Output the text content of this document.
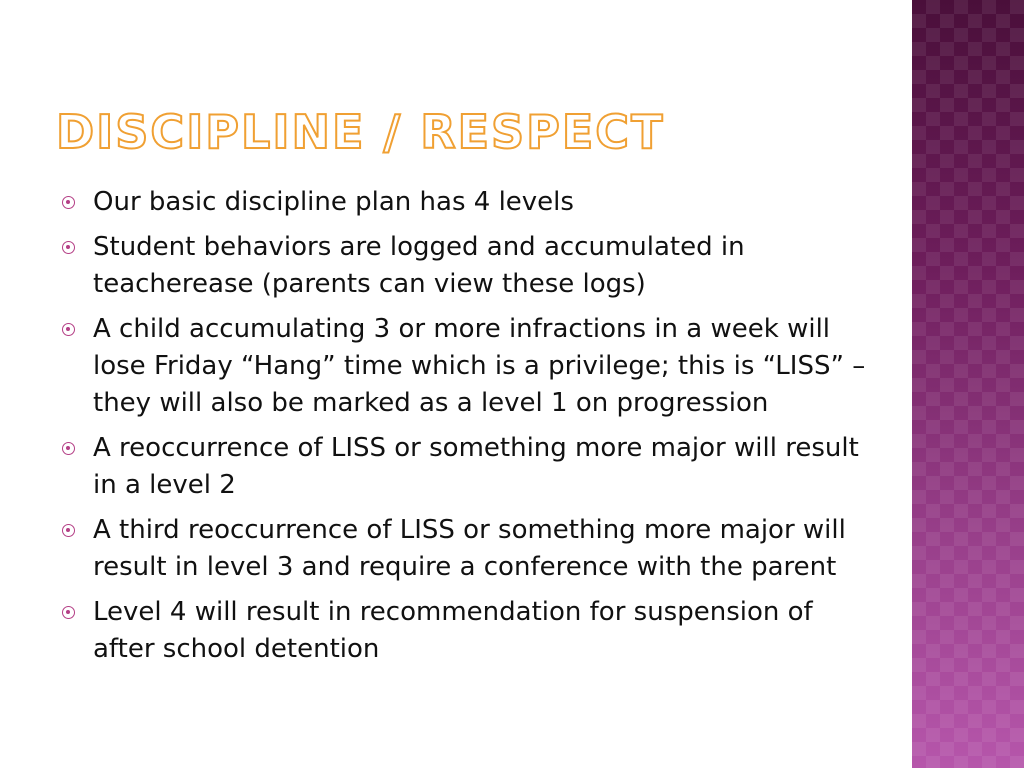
DISCIPLINE / RESPECT
Our basic discipline plan has 4 levels
Student behaviors are logged and accumulated in teacherease (parents can view these logs)
A child accumulating 3 or more infractions in a week will lose Friday “Hang” time which is a privilege; this is “LISS” – they will also be marked as a level 1 on progression
A reoccurrence of LISS or something more major will result in a level 2
A third reoccurrence of LISS or something more major will result in level 3 and require a conference with the parent
Level 4 will result in recommendation for suspension of after school detention
